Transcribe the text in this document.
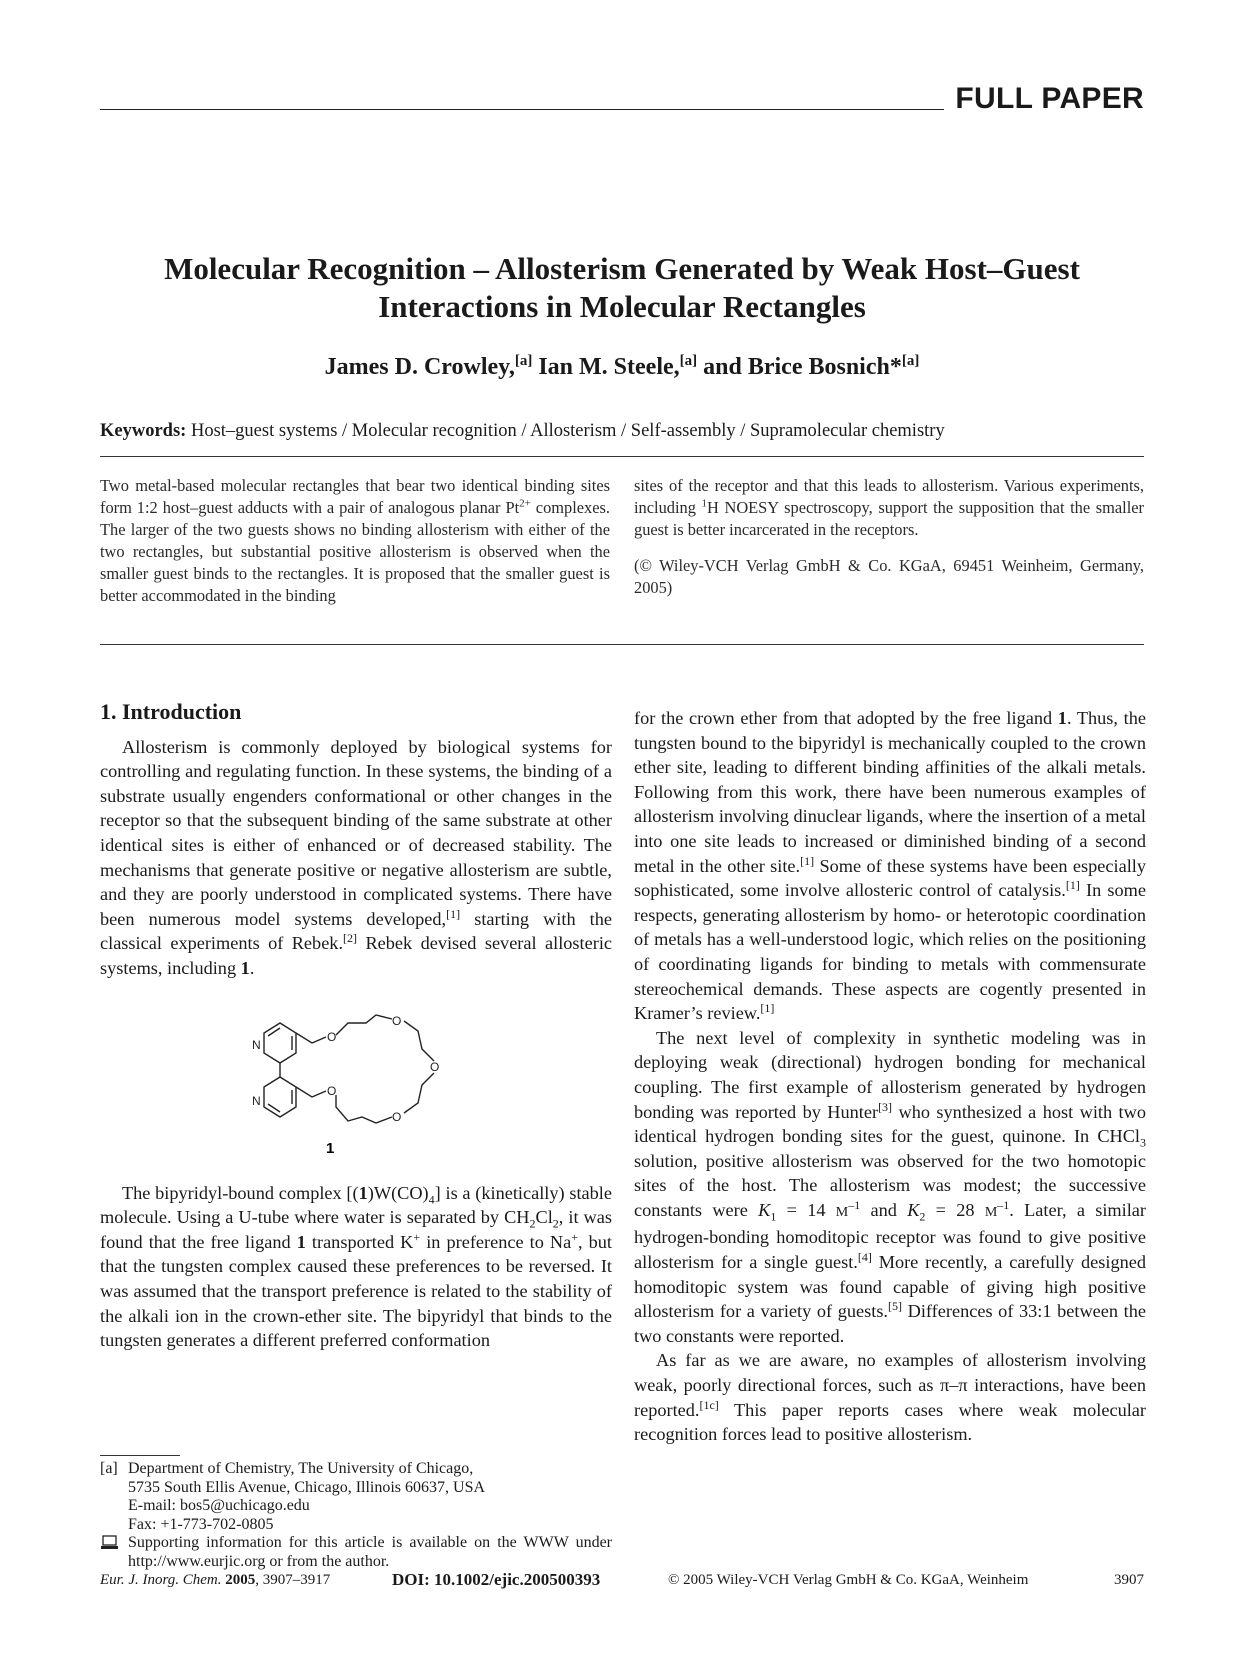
FULL PAPER
Molecular Recognition – Allosterism Generated by Weak Host–Guest
Interactions in Molecular Rectangles
James D. Crowley,[a] Ian M. Steele,[a] and Brice Bosnich*[a]
Keywords: Host–guest systems / Molecular recognition / Allosterism / Self-assembly / Supramolecular chemistry

Two metal-based molecular rectangles that bear two identical binding sites form 1:2 host–guest adducts with a pair of analogous planar $Pt^{2+}$ complexes. The larger of the two guests shows no binding allosterism with either of the two rectangles, but substantial positive allosterism is observed when the smaller guest binds to the rectangles. It is proposed that the smaller guest is better accommodated in the binding

sites of the receptor and that this leads to allosterism. Various experiments, including $^1$H NOESY spectroscopy, support the supposition that the smaller guest is better incarcerated in the receptors.

(© Wiley-VCH Verlag GmbH & Co. KGaA, 69451 Weinheim, Germany, 2005)

1. Introduction

Allosterism is commonly deployed by biological systems for controlling and regulating function. In these systems, the binding of a substrate usually engenders conformational or other changes in the receptor so that the subsequent binding of the same substrate at other identical sites is either of enhanced or of decreased stability. The mechanisms that generate positive or negative allosterism are subtle, and they are poorly understood in complicated systems. There have been numerous model systems developed,[1] starting with the classical experiments of Rebek.[2] Rebek devised several allosteric systems, including 1.

N
N
O
O
O
O
O
1

The bipyridyl-bound complex $[(1)W(CO)_4]$ is a (kinetically) stable molecule. Using a U-tube where water is separated by $CH_2Cl_2$, it was found that the free ligand 1 transported K+ in preference to Na+, but that the tungsten complex caused these preferences to be reversed. It was assumed that the transport preference is related to the stability of the alkali ion in the crown-ether site. The bipyridyl that binds to the tungsten generates a different preferred conformation

for the crown ether from that adopted by the free ligand 1. Thus, the tungsten bound to the bipyridyl is mechanically coupled to the crown ether site, leading to different binding affinities of the alkali metals. Following from this work, there have been numerous examples of allosterism involving dinuclear ligands, where the insertion of a metal into one site leads to increased or diminished binding of a second metal in the other site.[1] Some of these systems have been especially sophisticated, some involve allosteric control of catalysis.[1] In some respects, generating allosterism by homo- or heterotopic coordination of metals has a well-understood logic, which relies on the positioning of coordinating ligands for binding to metals with commensurate stereochemical demands. These aspects are cogently presented in Kramer’s review.[1]

The next level of complexity in synthetic modeling was in deploying weak (directional) hydrogen bonding for mechanical coupling. The first example of allosterism generated by hydrogen bonding was reported by Hunter[3] who synthesized a host with two identical hydrogen bonding sites for the guest, quinone. In CHCl$_3$ solution, positive allosterism was observed for the two homotopic sites of the host. The allosterism was modest; the successive constants were $K_1 = 14$ $M^{-1}$ and $K_2 = 28$ $M^{-1}$. Later, a similar hydrogen-bonding homoditopic receptor was found to give positive allosterism for a single guest.[4] More recently, a carefully designed homoditopic system was found capable of giving high positive allosterism for a variety of guests.[5] Differences of 33:1 between the two constants were reported.

As far as we are aware, no examples of allosterism involving weak, poorly directional forces, such as π–π interactions, have been reported.[1c] This paper reports cases where weak molecular recognition forces lead to positive allosterism.

[a] Department of Chemistry, The University of Chicago,
5735 South Ellis Avenue, Chicago, Illinois 60637, USA
E-mail: bos5@uchicago.edu
Fax: +1-773-702-0805
Supporting information for this article is available on the WWW under http://www.eurjic.org or from the author.
Eur. J. Inorg. Chem. 2005, 3907–3917	DOI: 10.1002/ejic.200500393	© 2005 Wiley-VCH Verlag GmbH & Co. KGaA, Weinheim	3907
